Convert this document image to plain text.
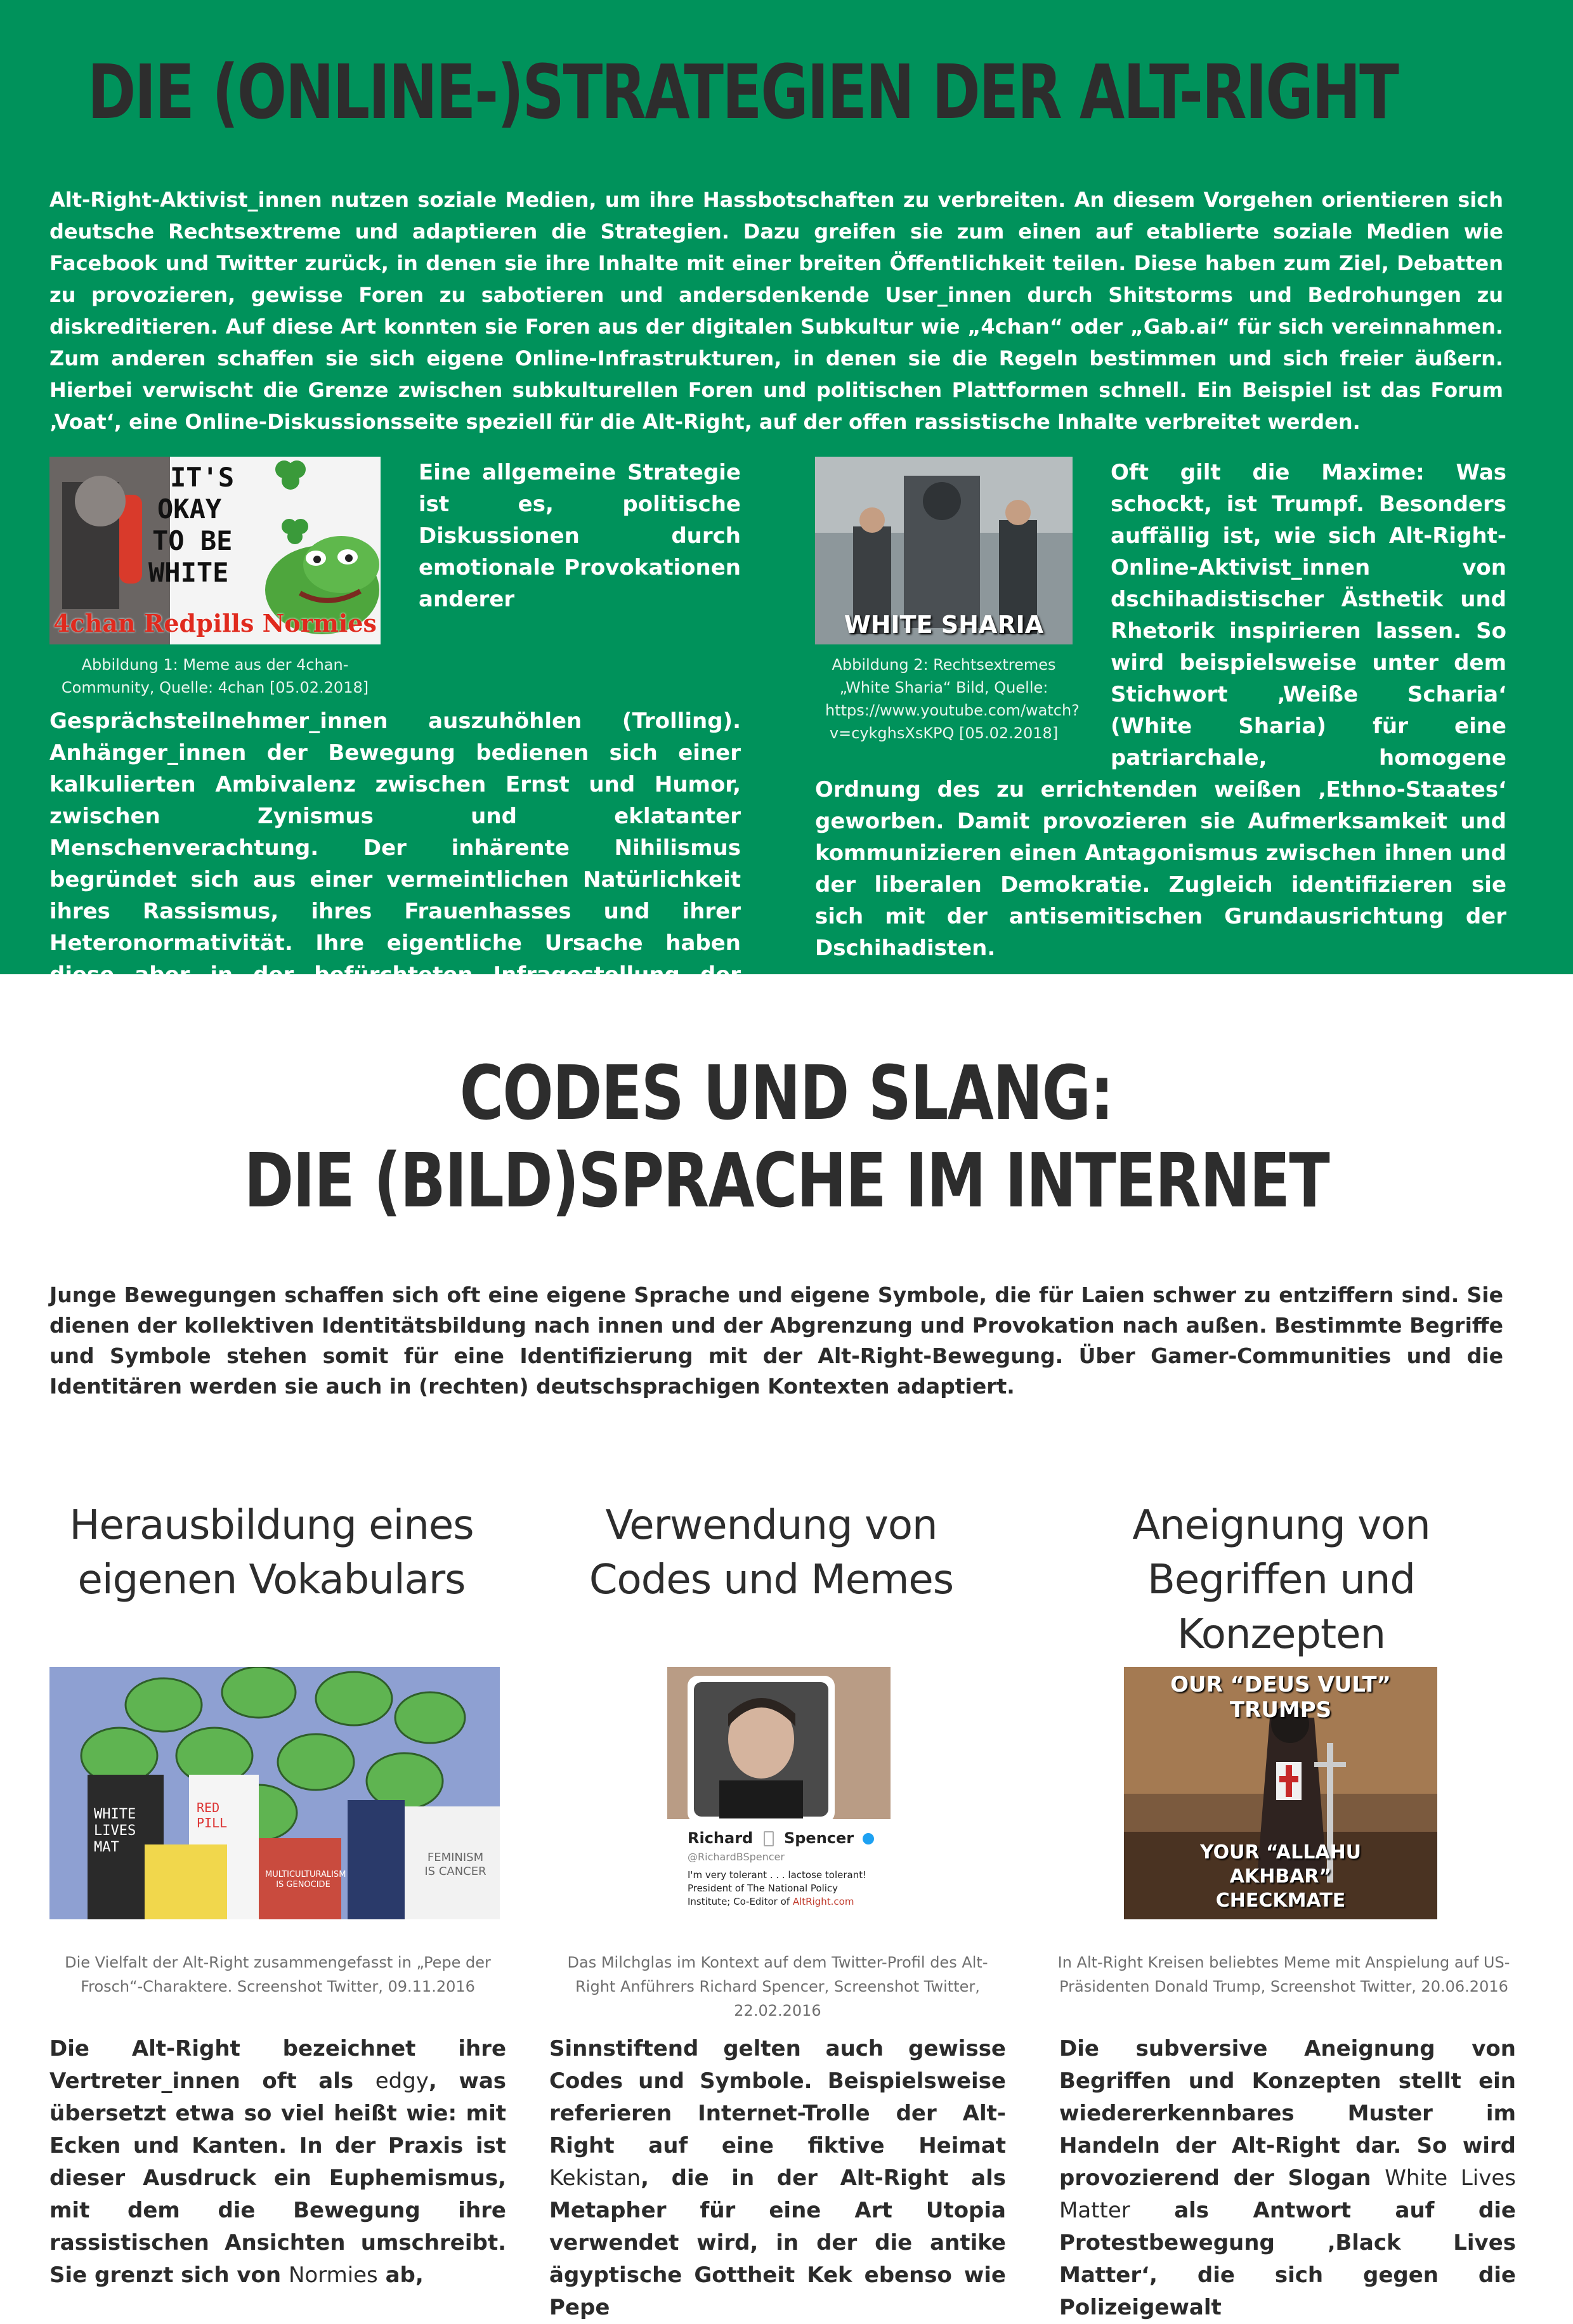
DIE (ONLINE-)STRATEGIEN DER ALT-RIGHT
Alt-Right-Aktivist_innen nutzen soziale Medien, um ihre Hassbotschaften zu verbreiten. An diesem Vorgehen orientieren sich deutsche Rechtsextreme und adaptieren die Strategien. Dazu greifen sie zum einen auf etablierte soziale Medien wie Facebook und Twitter zurück, in denen sie ihre Inhalte mit einer breiten Öffentlichkeit teilen. Diese haben zum Ziel, Debatten zu provozieren, gewisse Foren zu sabotieren und andersdenkende User_innen durch Shitstorms und Bedrohungen zu diskreditieren. Auf diese Art konnten sie Foren aus der digitalen Subkultur wie „4chan“ oder „Gab.ai“ für sich vereinnahmen. Zum anderen schaffen sie sich eigene Online-Infrastrukturen, in denen sie die Regeln bestimmen und sich freier äußern. Hierbei verwischt die Grenze zwischen subkulturellen Foren und politischen Plattformen schnell. Ein Beispiel ist das Forum ‚Voat‘, eine Online-Diskussionsseite speziell für die Alt-Right, auf der offen rassistische Inhalte verbreitet werden.
IT'S
OKAY
TO BE
WHITE
4chan Redpills Normies
Abbildung 1: Meme aus der 4chan-Community, Quelle: 4chan [05.02.2018]
Eine allgemeine Strategie ist es, politische Diskussionen durch emotionale Provokationen anderer Gesprächsteilnehmer_innen auszuhöhlen (Trolling). Anhänger_innen der Bewegung bedienen sich einer kalkulierten Ambivalenz zwischen Ernst und Humor, zwischen Zynismus und eklatanter Menschenverachtung. Der inhärente Nihilismus begründet sich aus einer vermeintlichen Natürlichkeit ihres Rassismus, ihres Frauenhasses und ihrer Heteronormativität. Ihre eigentliche Ursache haben diese aber in der befürchteten Infragestellung der privilegierten Position als weiße mittelständische Männer.
WHITE SHARIA
Abbildung 2: Rechtsextremes „White Sharia“ Bild, Quelle: https://www.youtube.com/watch?v=cykghsXsKPQ [05.02.2018]
Oft gilt die Maxime: Was schockt, ist Trumpf. Besonders auffällig ist, wie sich Alt-Right-Online-Aktivist_innen von dschihadistischer Ästhetik und Rhetorik inspirieren lassen. So wird beispielsweise unter dem Stichwort ‚Weiße Scharia‘ (White Sharia) für eine patriarchale, homogene Ordnung des zu errichtenden weißen ‚Ethno-Staates‘ geworben. Damit provozieren sie Aufmerksamkeit und kommunizieren einen Antagonismus zwischen ihnen und der liberalen Demokratie. Zugleich identifizieren sie sich mit der antisemitischen Grundausrichtung der Dschihadisten.
CODES UND SLANG:
DIE (BILD)SPRACHE IM INTERNET
Junge Bewegungen schaffen sich oft eine eigene Sprache und eigene Symbole, die für Laien schwer zu entziffern sind. Sie dienen der kollektiven Identitätsbildung nach innen und der Abgrenzung und Provokation nach außen. Bestimmte Begriffe und Symbole stehen somit für eine Identifizierung mit der Alt-Right-Bewegung. Über Gamer-Communities und die Identitären werden sie auch in (rechten) deutschsprachigen Kontexten adaptiert.
Herausbildung eines eigenen Vokabulars
WHITE LIVES MAT
RED PILL
MULTICULTURALISM IS GENOCIDE
FEMINISM IS CANCER
Die Vielfalt der Alt-Right zusammengefasst in „Pepe der Frosch“-Charaktere. Screenshot Twitter, 09.11.2016
Die Alt-Right bezeichnet ihre Vertreter_innen oft als edgy, was übersetzt etwa so viel heißt wie: mit Ecken und Kanten. In der Praxis ist dieser Ausdruck ein Euphemismus, mit dem die Bewegung ihre rassistischen Ansichten umschreibt. Sie grenzt sich von Normies ab,
Verwendung von Codes und Memes
Richard Spencer
@RichardBSpencer
I'm very tolerant . . . lactose tolerant! President of The National Policy Institute; Co-Editor of AltRight.com
Das Milchglas im Kontext auf dem Twitter-Profil des Alt-Right Anführers Richard Spencer, Screenshot Twitter, 22.02.2016
Sinnstiftend gelten auch gewisse Codes und Symbole. Beispielsweise referieren Internet-Trolle der Alt-Right auf eine fiktive Heimat Kekistan, die in der Alt-Right als Metapher für eine Art Utopia verwendet wird, in der die antike ägyptische Gottheit Kek ebenso wie Pepe
Aneignung von Begriffen und Konzepten
OUR “DEUS VULT” TRUMPS
YOUR “ALLAHU AKHBAR” CHECKMATE
In Alt-Right Kreisen beliebtes Meme mit Anspielung auf US-Präsidenten Donald Trump, Screenshot Twitter, 20.06.2016
Die subversive Aneignung von Begriffen und Konzepten stellt ein wiedererkennbares Muster im Handeln der Alt-Right dar. So wird provozierend der Slogan White Lives Matter als Antwort auf die Protestbewegung ‚Black Lives Matter‘, die sich gegen die Polizeigewalt
